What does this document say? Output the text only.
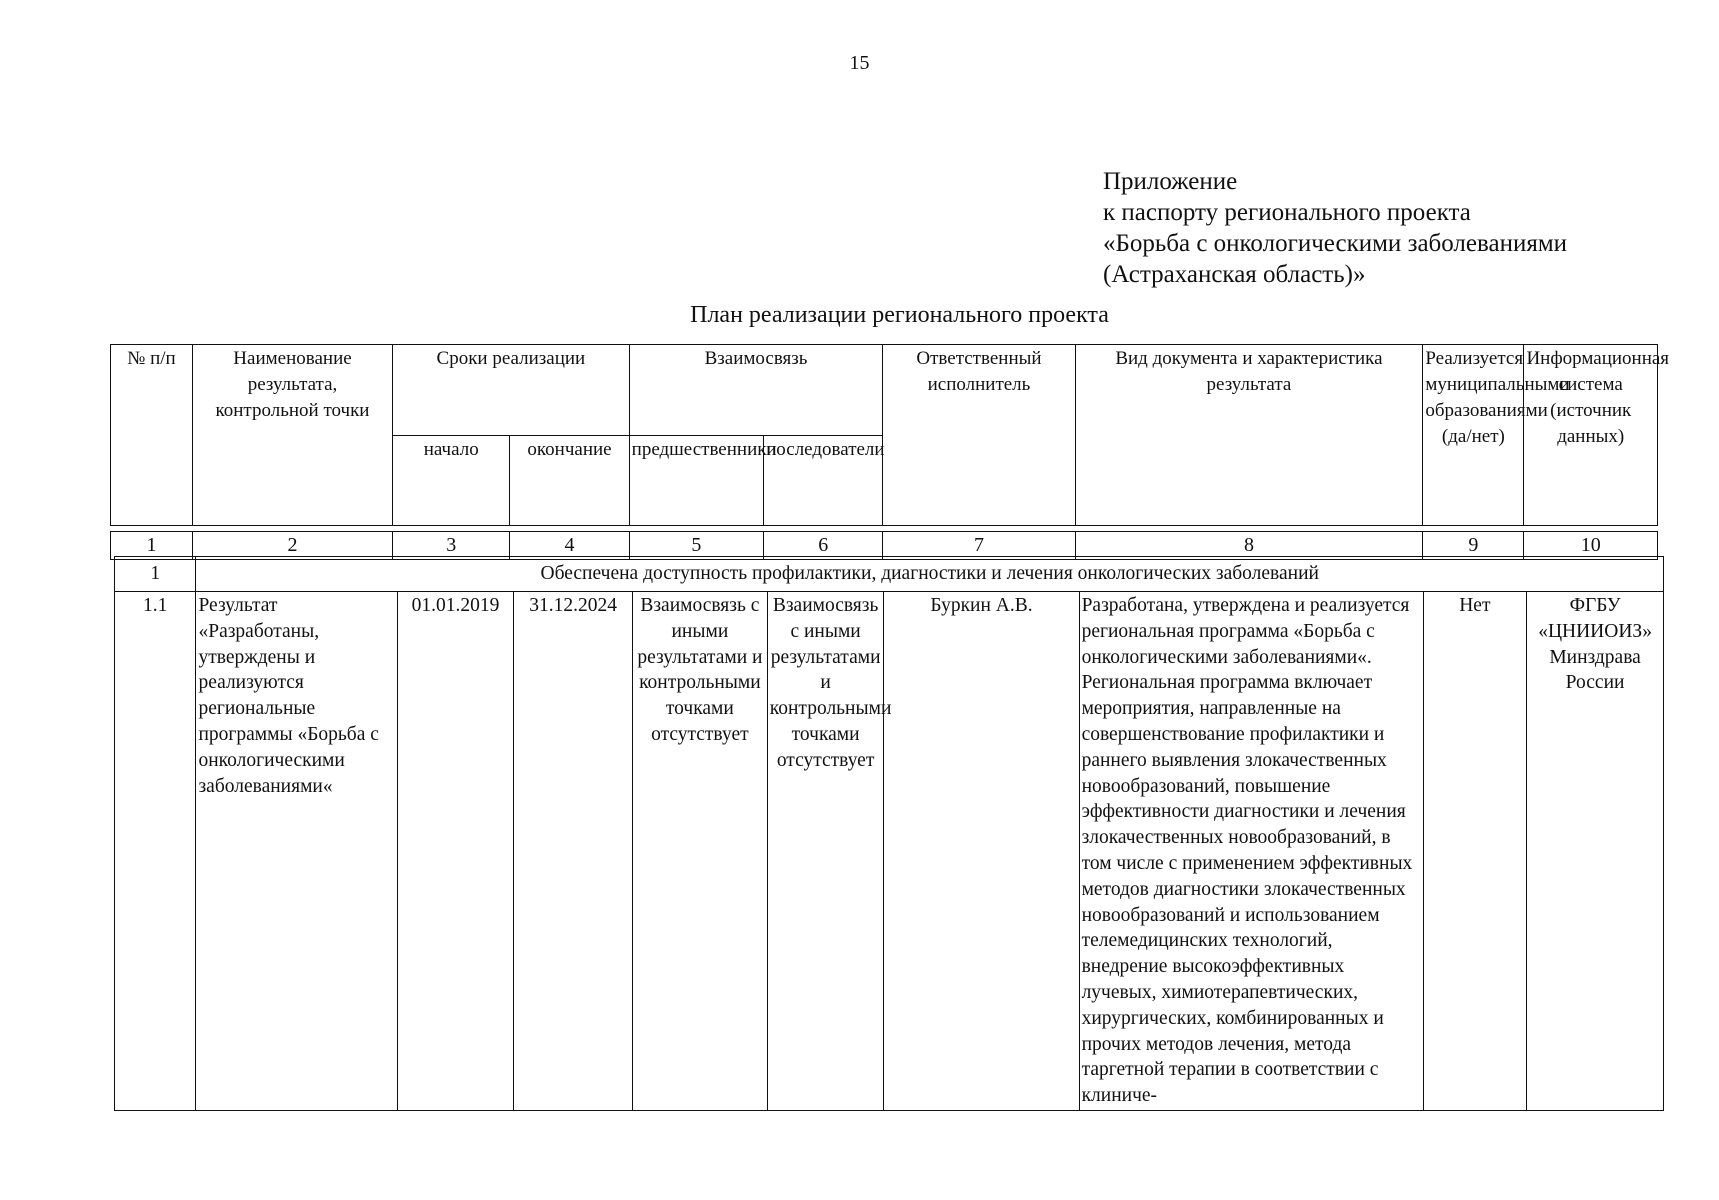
15
Приложение
к паспорту регионального проекта
«Борьба с онкологическими заболеваниями
(Астраханская область)»
План реализации регионального проекта
№ п/п	Наименование результата, контрольной точки	Сроки реализации		Взаимосвязь		Ответственный исполнитель	Вид документа и характеристика результата	Реализуется муниципальными образованиями (да/нет)	Информационная система (источник данных)
		начало	окончание	предшественники	последователи				
1	2	3	4	5	6	7	8	9	10
1	Обеспечена доступность профилактики, диагностики и лечения онкологических заболеваний								
1.1	Результат «Разработаны, утверждены и реализуются региональные программы «Борьба с онкологическими заболеваниями«	01.01.2019	31.12.2024	Взаимосвязь с иными результатами и контрольными точками отсутствует	Взаимосвязь с иными результатами и контрольными точками отсутствует	Буркин А.В.	Разработана, утверждена и реализуется региональная программа «Борьба с онкологическими заболеваниями«. Региональная программа включает мероприятия, направленные на совершенствование профилактики и раннего выявления злокачественных новообразований, повышение эффективности диагностики и лечения злокачественных новообразований, в том числе с применением эффективных методов диагностики злокачественных новообразований и использованием телемедицинских технологий, внедрение высокоэффективных лучевых, химиотерапевтических, хирургических, комбинированных и прочих методов лечения, метода таргетной терапии в соответствии с клиниче-	Нет	ФГБУ «ЦНИИОИЗ» Минздрава России
